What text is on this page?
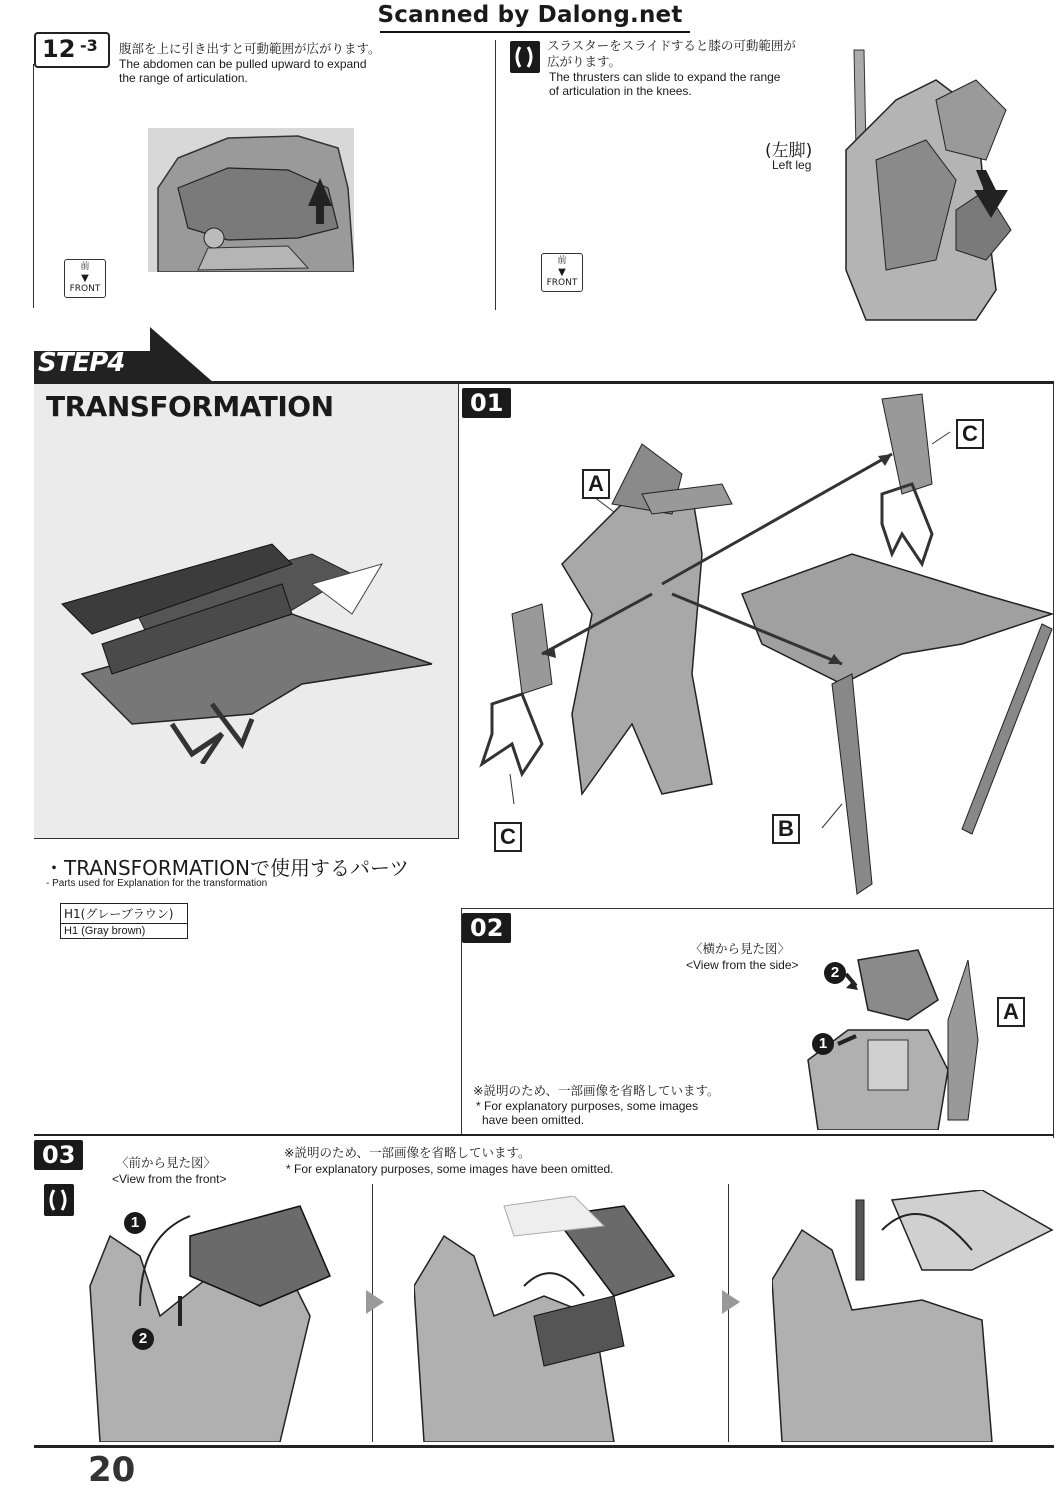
Scanned by Dalong.net
12 -3 腹部を上に引き出すと可動範囲が広がります。
The abdomen can be pulled upward to expand
the range of articulation.
前
▼
FRONT
スラスターをスライドすると膝の可動範囲が
広がります。
The thrusters can slide to expand the range
of articulation in the knees.
(左脚)
Left leg
前
▼
FRONT
STEP4
TRANSFORMATION
・TRANSFORMATIONで使用するパーツ
- Parts used for Explanation for the transformation
H1(グレーブラウン)
H1 (Gray brown)
01
A
B
C
C
02
〈横から見た図〉
<View from the side>
A
2
1
※説明のため、一部画像を省略しています。
* For explanatory purposes, some images
have been omitted.
03	〈前から見た図〉
<View from the front>
※説明のため、一部画像を省略しています。
* For explanatory purposes, some images have been omitted.
1
2
20
